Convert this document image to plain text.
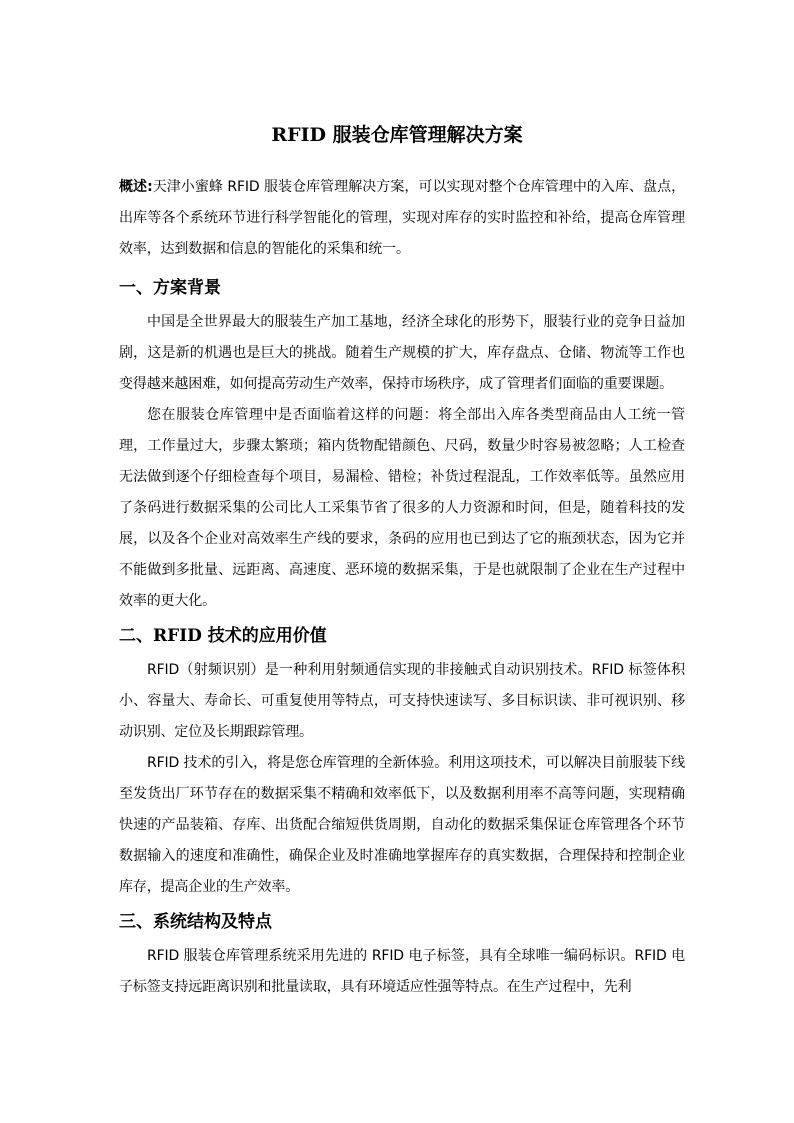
RFID 服装仓库管理解决方案

概述:天津小蜜蜂 RFID 服装仓库管理解决方案，可以实现对整个仓库管理中的入库、盘点，出库等各个系统环节进行科学智能化的管理，实现对库存的实时监控和补给，提高仓库管理效率，达到数据和信息的智能化的采集和统一。

一、方案背景

中国是全世界最大的服装生产加工基地，经济全球化的形势下，服装行业的竞争日益加剧，这是新的机遇也是巨大的挑战。随着生产规模的扩大，库存盘点、仓储、物流等工作也变得越来越困难，如何提高劳动生产效率，保持市场秩序，成了管理者们面临的重要课题。

您在服装仓库管理中是否面临着这样的问题：将全部出入库各类型商品由人工统一管理，工作量过大，步骤太繁琐；箱内货物配错颜色、尺码，数量少时容易被忽略；人工检查无法做到逐个仔细检查每个项目，易漏检、错检；补货过程混乱，工作效率低等。虽然应用了条码进行数据采集的公司比人工采集节省了很多的人力资源和时间，但是，随着科技的发展，以及各个企业对高效率生产线的要求，条码的应用也已到达了它的瓶颈状态，因为它并不能做到多批量、远距离、高速度、恶环境的数据采集，于是也就限制了企业在生产过程中效率的更大化。

二、RFID 技术的应用价值

RFID（射频识别）是一种利用射频通信实现的非接触式自动识别技术。RFID 标签体积小、容量大、寿命长、可重复使用等特点，可支持快速读写、多目标识读、非可视识别、移动识别、定位及长期跟踪管理。

RFID 技术的引入，将是您仓库管理的全新体验。利用这项技术，可以解决目前服装下线至发货出厂环节存在的数据采集不精确和效率低下，以及数据利用率不高等问题，实现精确快速的产品装箱、存库、出货配合缩短供货周期，自动化的数据采集保证仓库管理各个环节数据输入的速度和准确性，确保企业及时准确地掌握库存的真实数据，合理保持和控制企业库存，提高企业的生产效率。

三、系统结构及特点

RFID 服装仓库管理系统采用先进的 RFID 电子标签，具有全球唯一编码标识。RFID 电子标签支持远距离识别和批量读取，具有环境适应性强等特点。在生产过程中，先利
